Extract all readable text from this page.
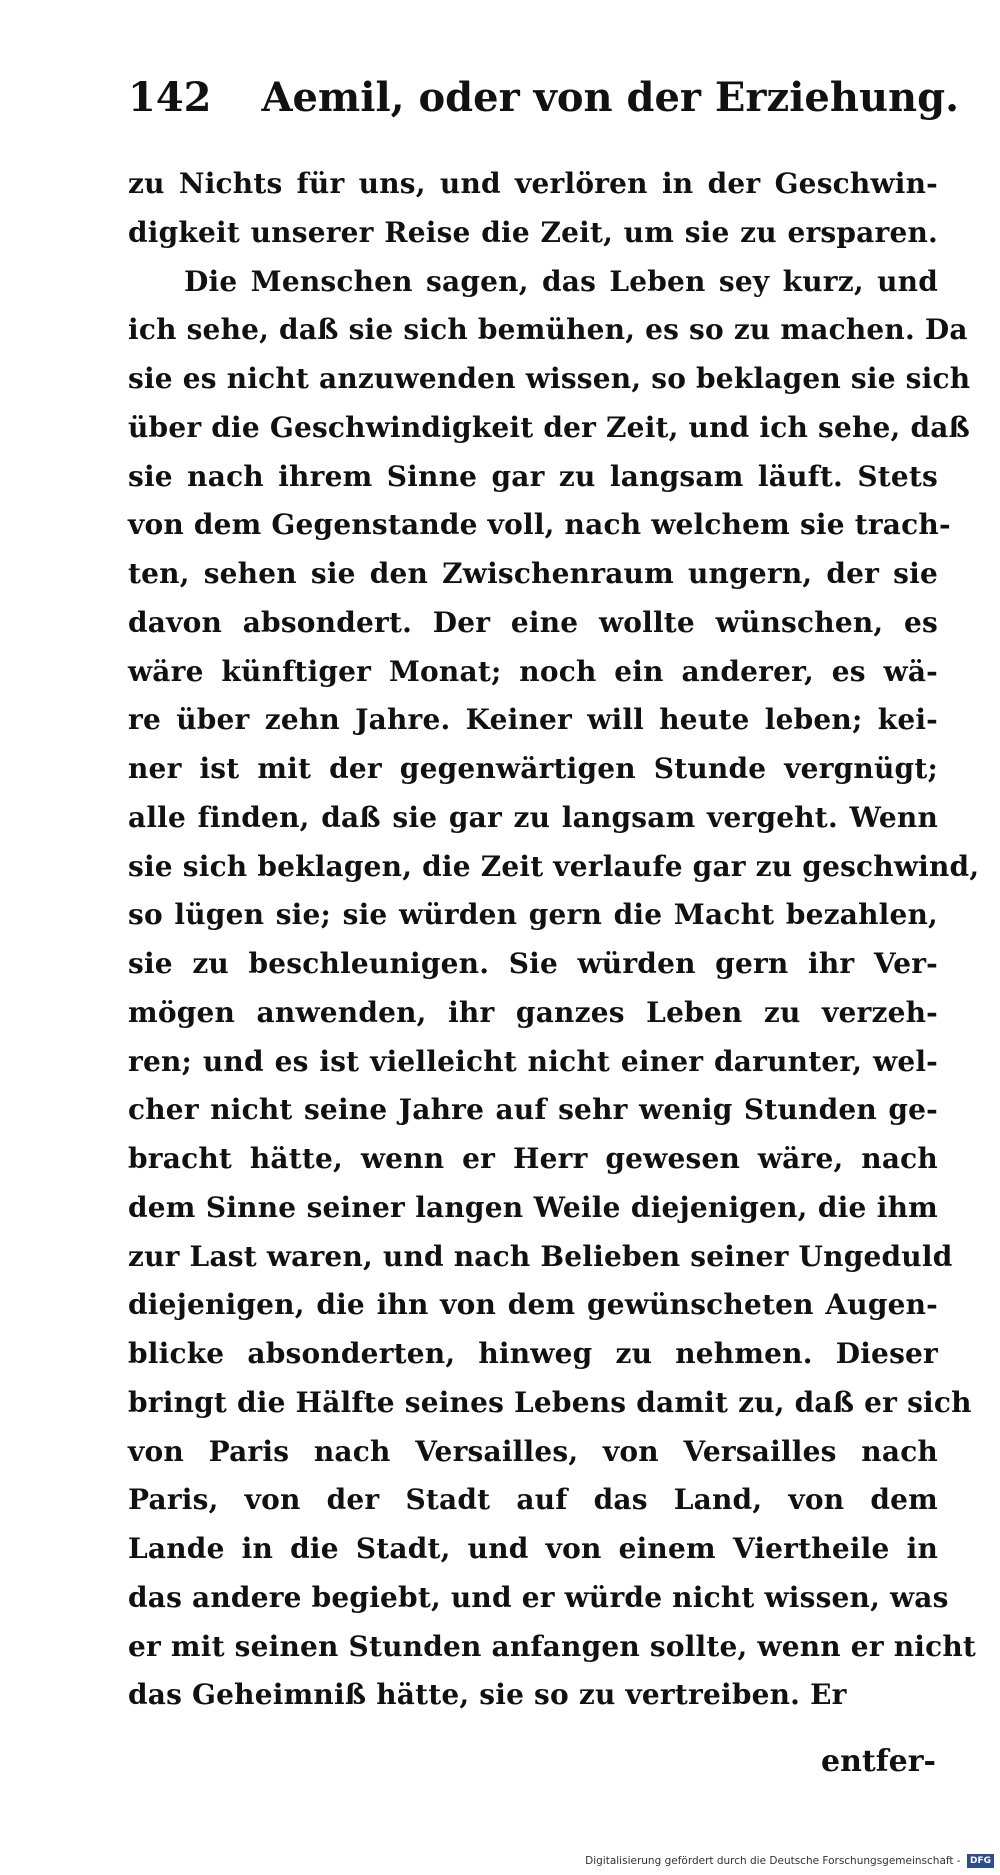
142 Aemil, oder von der Erziehung.
zu Nichts für uns, und verlören in der Geschwin-
digkeit unserer Reise die Zeit, um sie zu ersparen.
Die Menschen sagen, das Leben sey kurz, und
ich sehe, daß sie sich bemühen, es so zu machen. Da
sie es nicht anzuwenden wissen, so beklagen sie sich
über die Geschwindigkeit der Zeit, und ich sehe, daß
sie nach ihrem Sinne gar zu langsam läuft. Stets
von dem Gegenstande voll, nach welchem sie trach-
ten, sehen sie den Zwischenraum ungern, der sie
davon absondert. Der eine wollte wünschen, es
wäre künftiger Monat; noch ein anderer, es wä-
re über zehn Jahre. Keiner will heute leben; kei-
ner ist mit der gegenwärtigen Stunde vergnügt;
alle finden, daß sie gar zu langsam vergeht. Wenn
sie sich beklagen, die Zeit verlaufe gar zu geschwind,
so lügen sie; sie würden gern die Macht bezahlen,
sie zu beschleunigen. Sie würden gern ihr Ver-
mögen anwenden, ihr ganzes Leben zu verzeh-
ren; und es ist vielleicht nicht einer darunter, wel-
cher nicht seine Jahre auf sehr wenig Stunden ge-
bracht hätte, wenn er Herr gewesen wäre, nach
dem Sinne seiner langen Weile diejenigen, die ihm
zur Last waren, und nach Belieben seiner Ungeduld
diejenigen, die ihn von dem gewünscheten Augen-
blicke absonderten, hinweg zu nehmen. Dieser
bringt die Hälfte seines Lebens damit zu, daß er sich
von Paris nach Versailles, von Versailles nach
Paris, von der Stadt auf das Land, von dem
Lande in die Stadt, und von einem Viertheile in
das andere begiebt, und er würde nicht wissen, was
er mit seinen Stunden anfangen sollte, wenn er nicht
das Geheimniß hätte, sie so zu vertreiben. Er
entfer-
Digitalisierung gefördert durch die Deutsche Forschungsgemeinschaft - DFG
